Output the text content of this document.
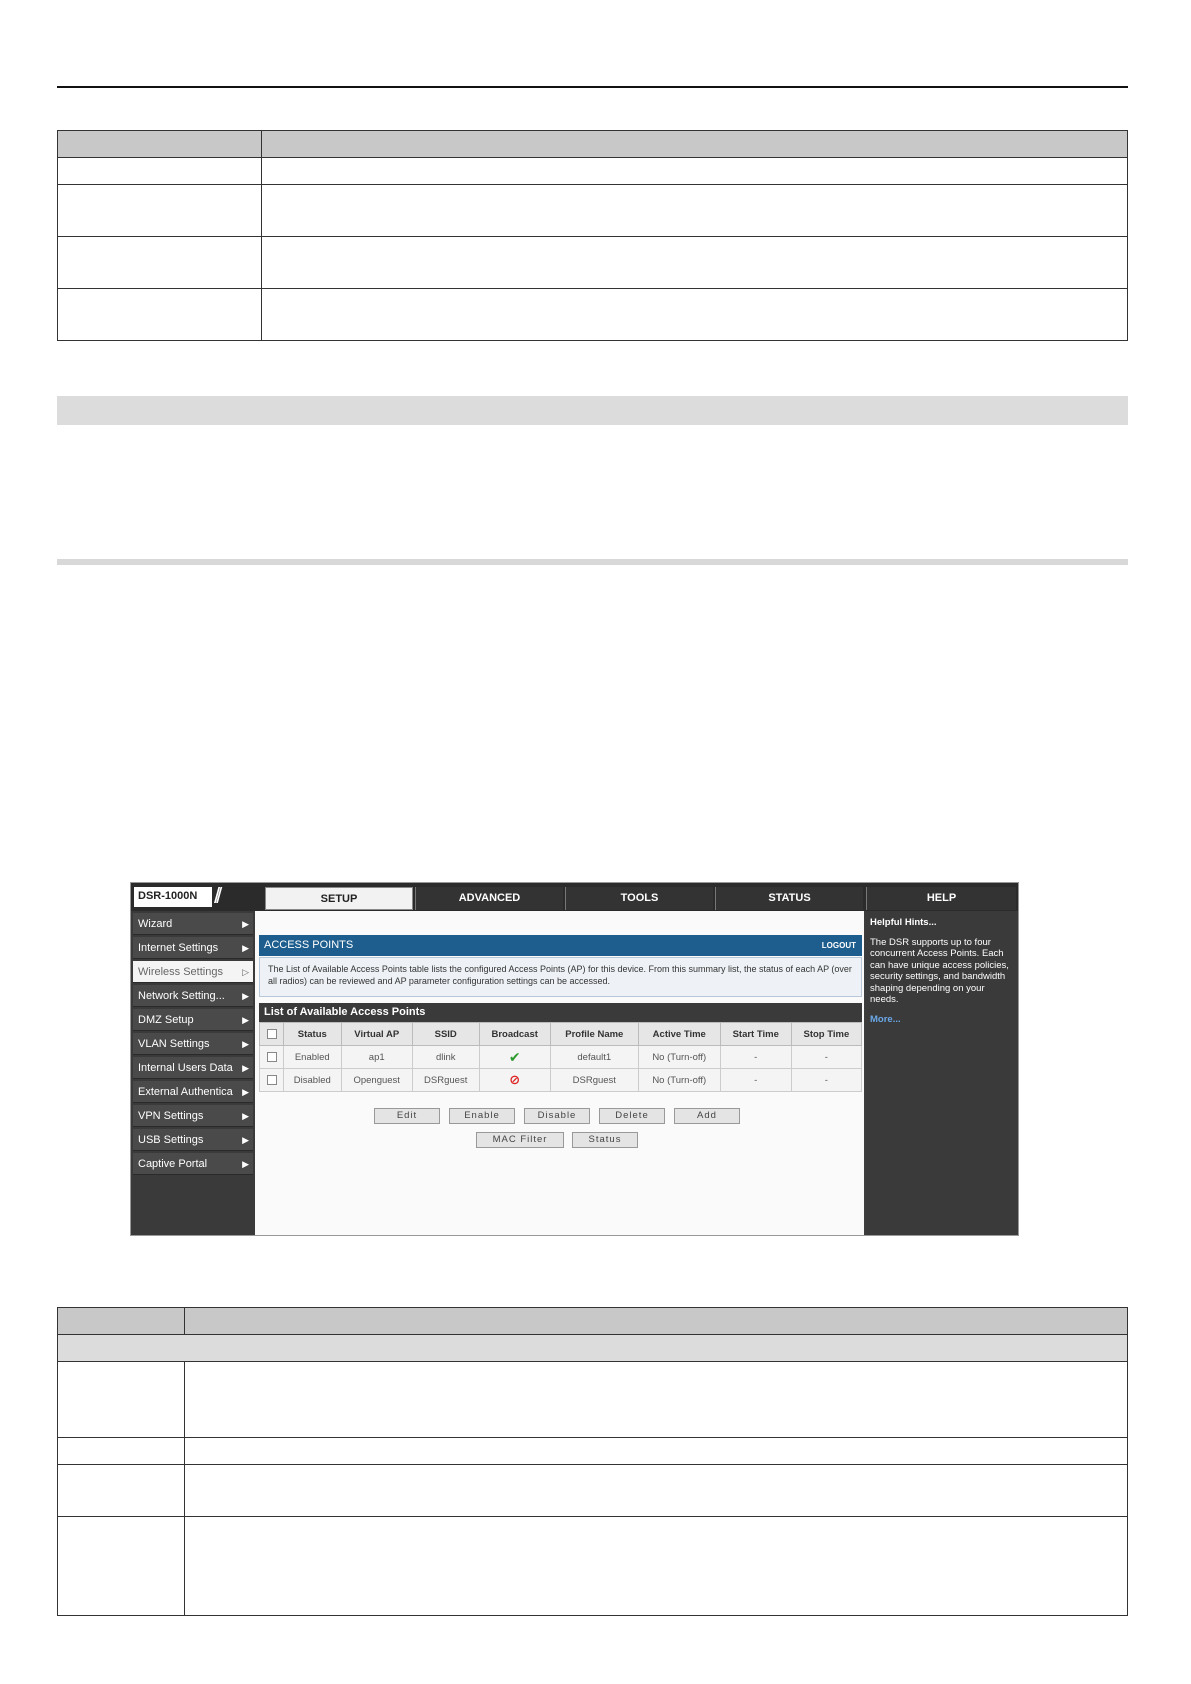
DSR-1000N //	SETUP	ADVANCED	TOOLS	STATUS	HELP
Wizard	▶
Internet Settings	▶
Wireless Settings ▷
Network Setting... ▶
DMZ Setup	▶
VLAN Settings	▶
Internal Users Data ▶
External Authentica ▶
VPN Settings	▶
USB Settings	▶
Captive Portal	▶
ACCESS POINTS	LOGOUT
The List of Available Access Points table lists the configured Access Points (AP) for this device. From this summary list, the status of each AP (over all radios) can be reviewed and AP parameter configuration settings can be accessed.
List of Available Access Points
	Status	Virtual AP	SSID	Broadcast	Profile Name	Active Time	Start Time	Stop Time
	Enabled	ap1	dlink	✔	default1	No (Turn-off)	-	-
	Disabled	Openguest	DSRguest	⊘	DSRguest	No (Turn-off)	-	-
Edit	Enable	Disable	Delete	Add
MAC Filter	Status
Helpful Hints...
The DSR supports up to four concurrent Access Points. Each can have unique access policies, security settings, and bandwidth shaping depending on your needs.
More...
